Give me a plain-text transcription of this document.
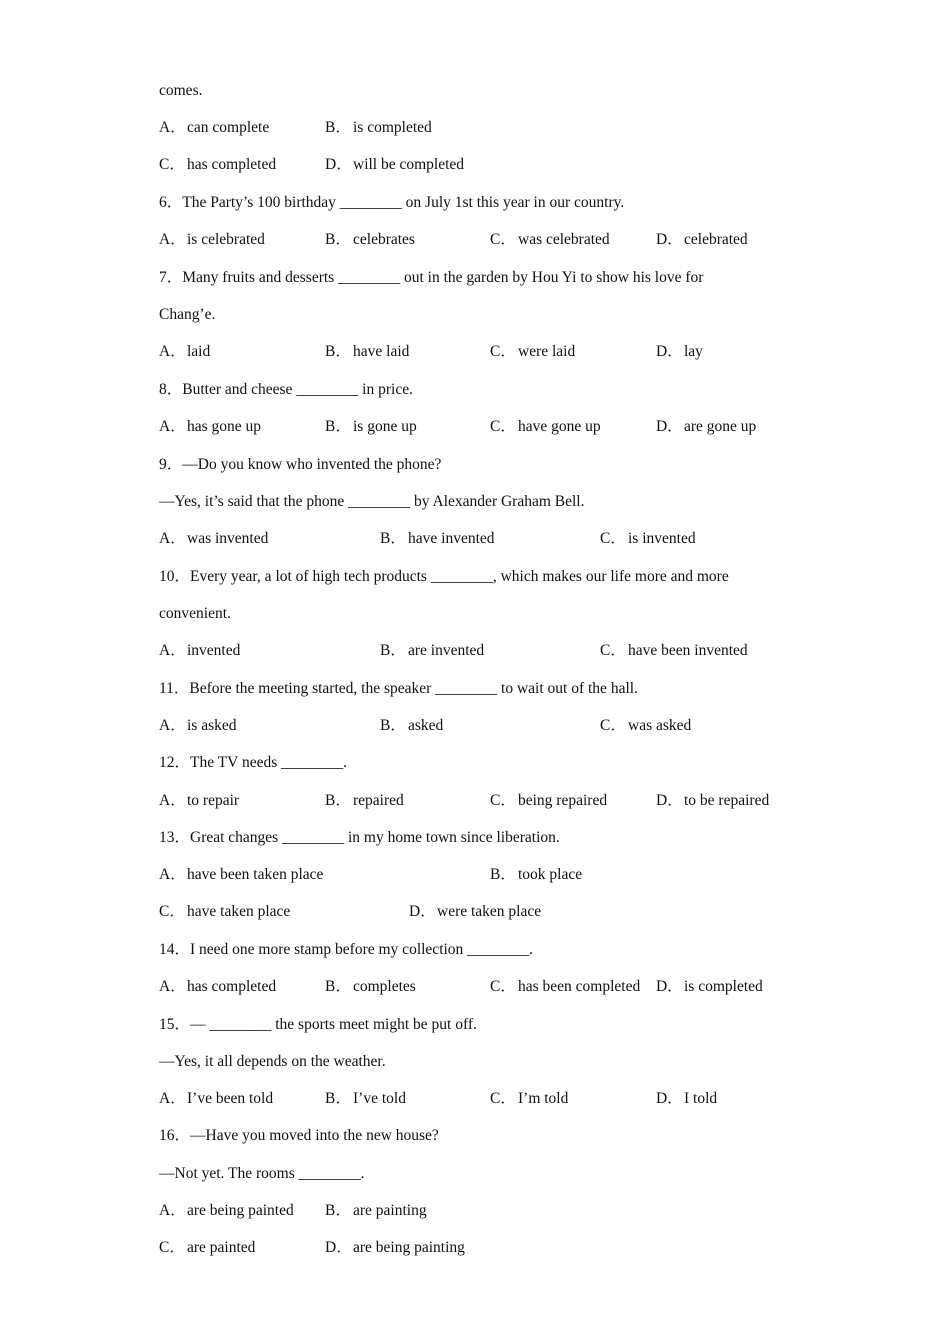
comes.
A．can complete	B． is completed
C． has completed	D．will be completed
6．The Party’s 100 birthday ________ on July 1st this year in our country.
A．is celebrated	B． celebrates	C． was celebrated	D．celebrated
7．Many fruits and desserts ________ out in the garden by Hou Yi to show his love for
Chang’e.
A．laid	B． have laid	C． were laid	D．lay
8．Butter and cheese ________ in price.
A．has gone up	B． is gone up	C． have gone up	D．are gone up
9．—Do you know who invented the phone?
—Yes, it’s said that the phone ________ by Alexander Graham Bell.
A．was invented	B． have invented	C． is invented
10．Every year, a lot of high tech products ________, which makes our life more and more
convenient.
A．invented	B． are invented	C． have been invented
11．Before the meeting started, the speaker ________ to wait out of the hall.
A．is asked	B． asked	C． was asked
12．The TV needs ________.
A．to repair	B． repaired	C． being repaired	D．to be repaired
13．Great changes ________ in my home town since liberation.
A．have been taken place	B． took place
C． have taken place	D．were taken place
14．I need one more stamp before my collection ________.
A．has completed	B． completes	C． has been completed D．is completed
15．— ________ the sports meet might be put off.
—Yes, it all depends on the weather.
A．I’ve been told	B． I’ve told	C． I’m told	D．I told
16．—Have you moved into the new house?
—Not yet. The rooms ________.
A．are being painted B． are painting
C． are painted	D．are being painting
